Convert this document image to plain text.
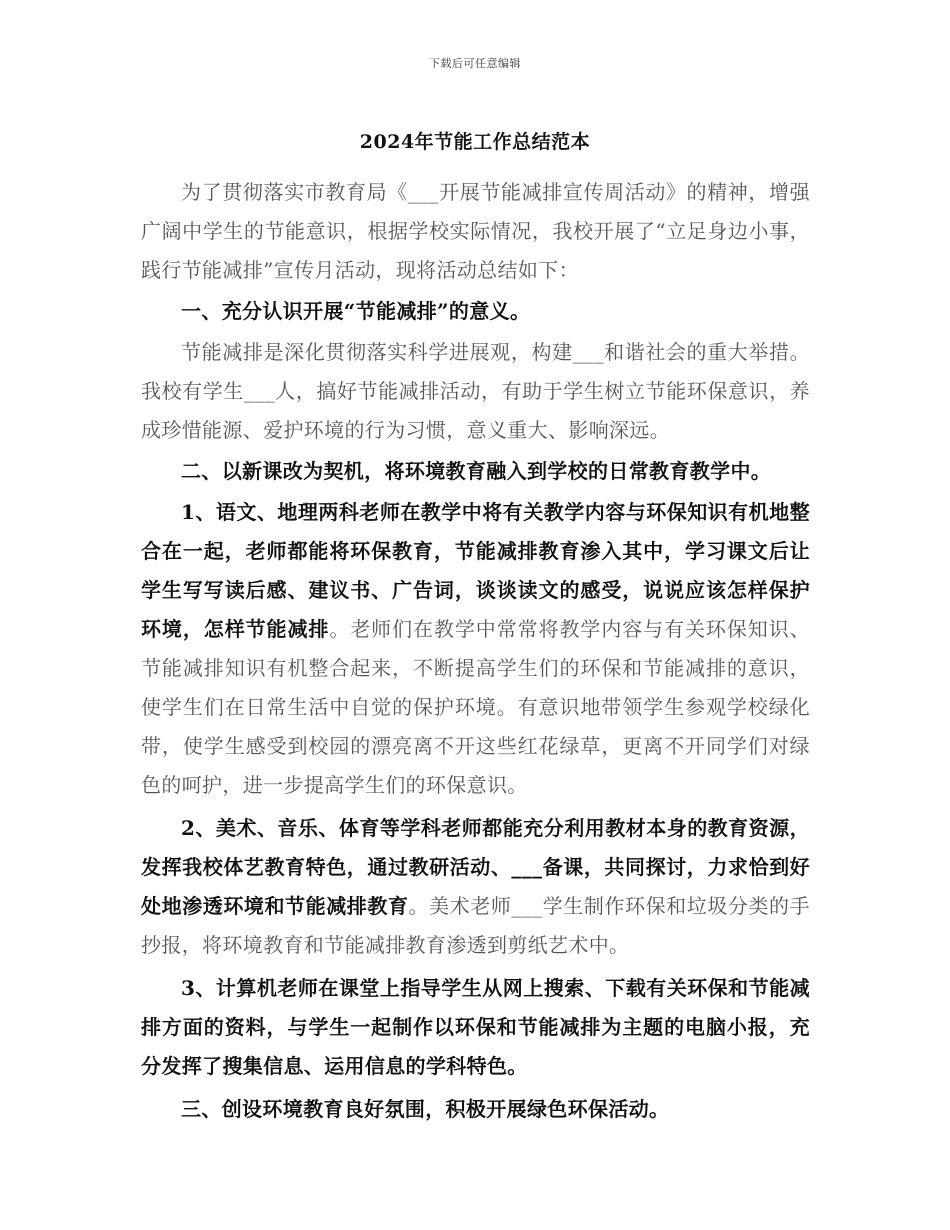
下载后可任意编辑
2024年节能工作总结范本

为了贯彻落实市教育局《___开展节能减排宣传周活动》的精神，增强广阔中学生的节能意识，根据学校实际情况，我校开展了“立足身边小事，践行节能减排”宣传月活动，现将活动总结如下：

一、充分认识开展“节能减排”的意义。

节能减排是深化贯彻落实科学进展观，构建___和谐社会的重大举措。我校有学生___人，搞好节能减排活动，有助于学生树立节能环保意识，养成珍惜能源、爱护环境的行为习惯，意义重大、影响深远。

二、以新课改为契机，将环境教育融入到学校的日常教育教学中。

1、语文、地理两科老师在教学中将有关教学内容与环保知识有机地整合在一起，老师都能将环保教育，节能减排教育渗入其中，学习课文后让学生写写读后感、建议书、广告词，谈谈读文的感受，说说应该怎样保护环境，怎样节能减排。老师们在教学中常常将教学内容与有关环保知识、节能减排知识有机整合起来，不断提高学生们的环保和节能减排的意识，使学生们在日常生活中自觉的保护环境。有意识地带领学生参观学校绿化带，使学生感受到校园的漂亮离不开这些红花绿草，更离不开同学们对绿色的呵护，进一步提高学生们的环保意识。

2、美术、音乐、体育等学科老师都能充分利用教材本身的教育资源，发挥我校体艺教育特色，通过教研活动、___备课，共同探讨，力求恰到好处地渗透环境和节能减排教育。美术老师___学生制作环保和垃圾分类的手抄报，将环境教育和节能减排教育渗透到剪纸艺术中。

3、计算机老师在课堂上指导学生从网上搜索、下载有关环保和节能减排方面的资料，与学生一起制作以环保和节能减排为主题的电脑小报，充分发挥了搜集信息、运用信息的学科特色。

三、创设环境教育良好氛围，积极开展绿色环保活动。
